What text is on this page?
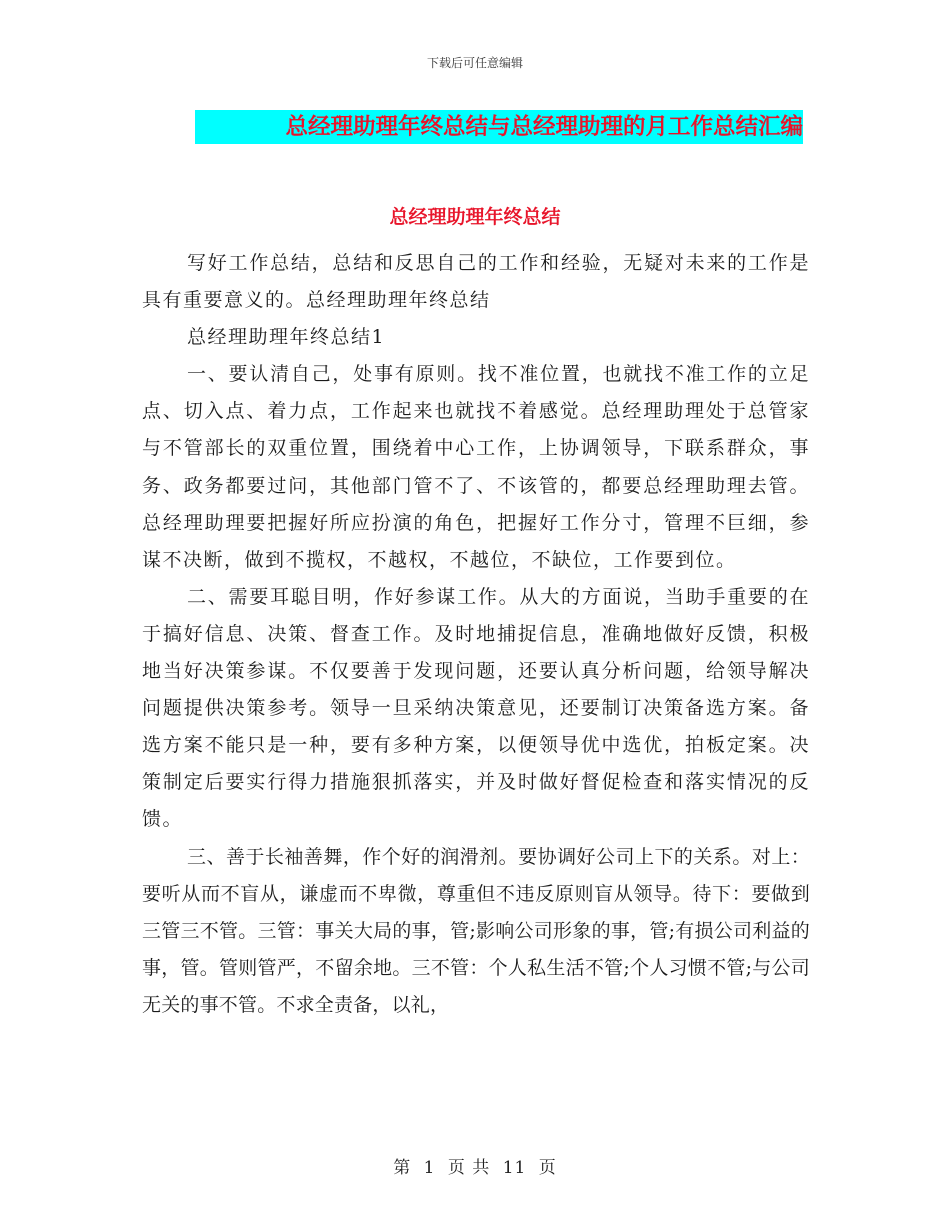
下载后可任意编辑
总经理助理年终总结与总经理助理的月工作总结汇编
总经理助理年终总结

写好工作总结，总结和反思自己的工作和经验，无疑对未来的工作是具有重要意义的。总经理助理年终总结

总经理助理年终总结1

一、要认清自己，处事有原则。找不准位置，也就找不准工作的立足点、切入点、着力点，工作起来也就找不着感觉。总经理助理处于总管家与不管部长的双重位置，围绕着中心工作，上协调领导，下联系群众，事务、政务都要过问，其他部门管不了、不该管的，都要总经理助理去管。总经理助理要把握好所应扮演的角色，把握好工作分寸，管理不巨细，参谋不决断，做到不揽权，不越权，不越位，不缺位，工作要到位。

二、需要耳聪目明，作好参谋工作。从大的方面说，当助手重要的在于搞好信息、决策、督查工作。及时地捕捉信息，准确地做好反馈，积极地当好决策参谋。不仅要善于发现问题，还要认真分析问题，给领导解决问题提供决策参考。领导一旦采纳决策意见，还要制订决策备选方案。备选方案不能只是一种，要有多种方案，以便领导优中选优，拍板定案。决策制定后要实行得力措施狠抓落实，并及时做好督促检查和落实情况的反馈。

三、善于长袖善舞，作个好的润滑剂。要协调好公司上下的关系。对上：要听从而不盲从，谦虚而不卑微，尊重但不违反原则盲从领导。待下：要做到三管三不管。三管：事关大局的事，管;影响公司形象的事，管;有损公司利益的事，管。管则管严，不留余地。三不管：个人私生活不管;个人习惯不管;与公司无关的事不管。不求全责备，以礼，

第 1 页 共 11 页
